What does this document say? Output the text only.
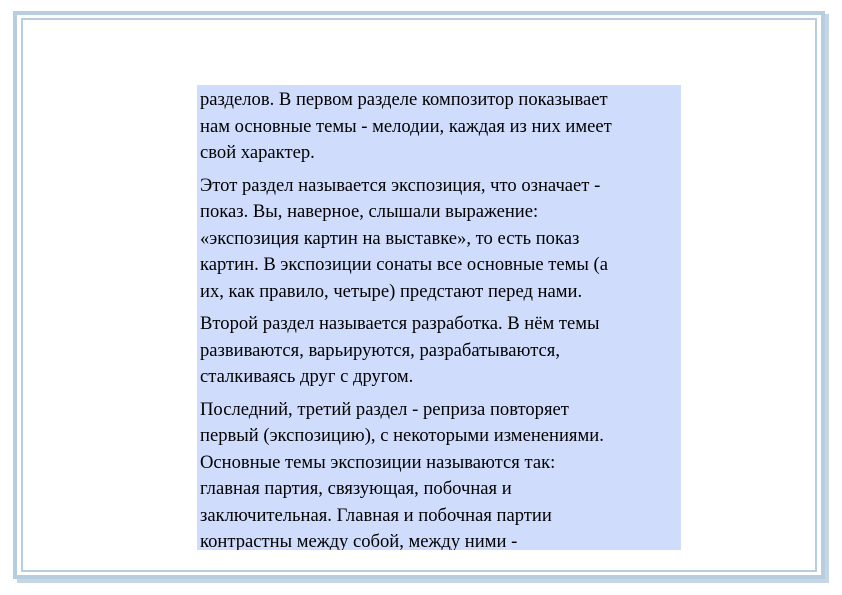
разделов. В первом разделе композитор показывает
нам основные темы - мелодии, каждая из них имеет
свой характер.

Этот раздел называется экспозиция, что означает -
показ. Вы, наверное, слышали выражение:
«экспозиция картин на выставке», то есть показ
картин. В экспозиции сонаты все основные темы (а
их, как правило, четыре) предстают перед нами.

Второй раздел называется разработка. В нём темы
развиваются, варьируются, разрабатываются,
сталкиваясь друг с другом.

Последний, третий раздел - реприза повторяет
первый (экспозицию), с некоторыми изменениями.
Основные темы экспозиции называются так:
главная партия, связующая, побочная и
заключительная. Главная и побочная партии
контрастны между собой, между ними -
